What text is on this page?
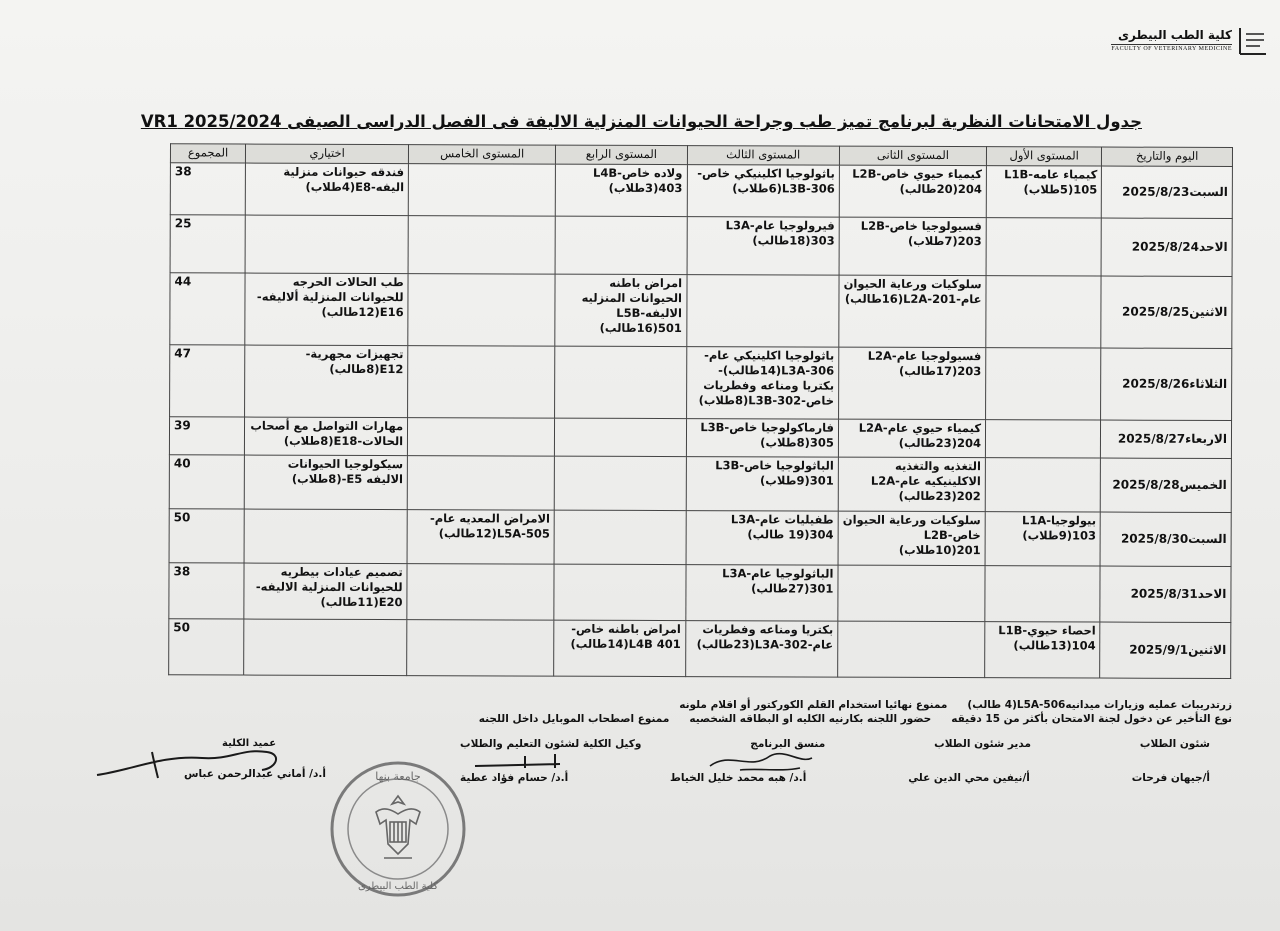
كلية الطب البيطرى
FACULTY OF VETERINARY MEDICINE
جدول الامتحانات النظرية لبرنامج تميز طب وجراحة الحيوانات المنزلية الاليفة فى الفصل الدراسى الصيفى 2025/2024 VR1
اليوم والتاريخ	المستوى الأول	المستوى الثانى	المستوى الثالث	المستوى الرابع	المستوى الخامس	اختياري	المجموع
السبت2025/8/23	كيمياء عامه-L1B 105(5طلاب)	كيمياء حيوي خاص-L2B 204(20طالب)	باثولوجيا اكلينيكي خاص-L3B-306(6طلاب)	ولاده خاص-L4B 403(3طلاب)		فندقه حيوانات منزلية اليفه-E8(4طلاب)	38
الاحد2025/8/24		فسيولوجيا خاص-L2B 203(7طلاب)	فيرولوجيا عام-L3A 303(18طالب)				25
الاثنين2025/8/25		سلوكيات ورعاية الحيوان عام-L2A-201(16طالب)		امراض باطنه الحيوانات المنزليه الاليفه-L5B 501(16طالب)		طب الحالات الحرجه للحيوانات المنزلية ألاليفه-E16(12طالب)	44
الثلاثاء2025/8/26		فسيولوجيا عام-L2A 203(17طالب)	باثولوجيا اكلينيكي عام-L3A-306(14طالب)- بكتريا ومناعه وفطريات خاص-L3B-302(8طلاب)			تجهيزات مجهرية-E12(8طالب)	47
الاربعاء2025/8/27		كيمياء حيوي عام-L2A 204(23طالب)	فارماكولوجيا خاص-L3B 305(8طلاب)			مهارات التواصل مع أصحاب الحالات-E18(8طلاب)	39
الخميس2025/8/28		التغذيه والتغذيه الاكلينيكيه عام-L2A 202(23طالب)	الباثولوجيا خاص-L3B 301(9طلاب)			سيكولوجيا الحيوانات الاليفه E5-(8طلاب)	40
السبت2025/8/30	بيولوجيا-L1A 103(9طلاب)	سلوكيات ورعاية الحيوان خاص-L2B 201(10طلاب)	طفيليات عام-L3A 304(19 طالب)		الامراض المعديه عام-L5A-505(12طالب)		50
الاحد2025/8/31			الباثولوجيا عام-L3A 301(27طالب)			تصميم عيادات بيطريه للحيوانات المنزلية الاليفه-E20(11طالب)	38
الاثنين2025/9/1	احصاء حيوي-L1B 104(13طالب)		بكتريا ومناعه وفطريات عام-L3A-302(23طالب)	امراض باطنه خاص-L4B 401(14طالب)			50
زرتدريبات عمليه وزيارات ميدانيهL5A-506(4 طالب)
ممنوع نهائيا استخدام القلم الكوركتور أو اقلام ملونه
نوع التأخير عن دخول لجنة الامتحان بأكثر من 15 دقيقه
حضور اللجنه بكارنيه الكليه او البطاقه الشخصيه
ممنوع اصطحاب الموبايل داخل اللجنه
شئون الطلاب
مدير شئون الطلاب
منسق البرنامج
وكيل الكلية لشئون التعليم والطلاب
أ/جيهان فرحات
أ/نيفين محي الدين علي
أ.د/ هبه محمد خليل الخياط
أ.د/ حسام فؤاد عطية
عميد الكلية
أ.د/ أماني عبدالرحمن عباس	جامعة بنها
كلية الطب البيطرى
